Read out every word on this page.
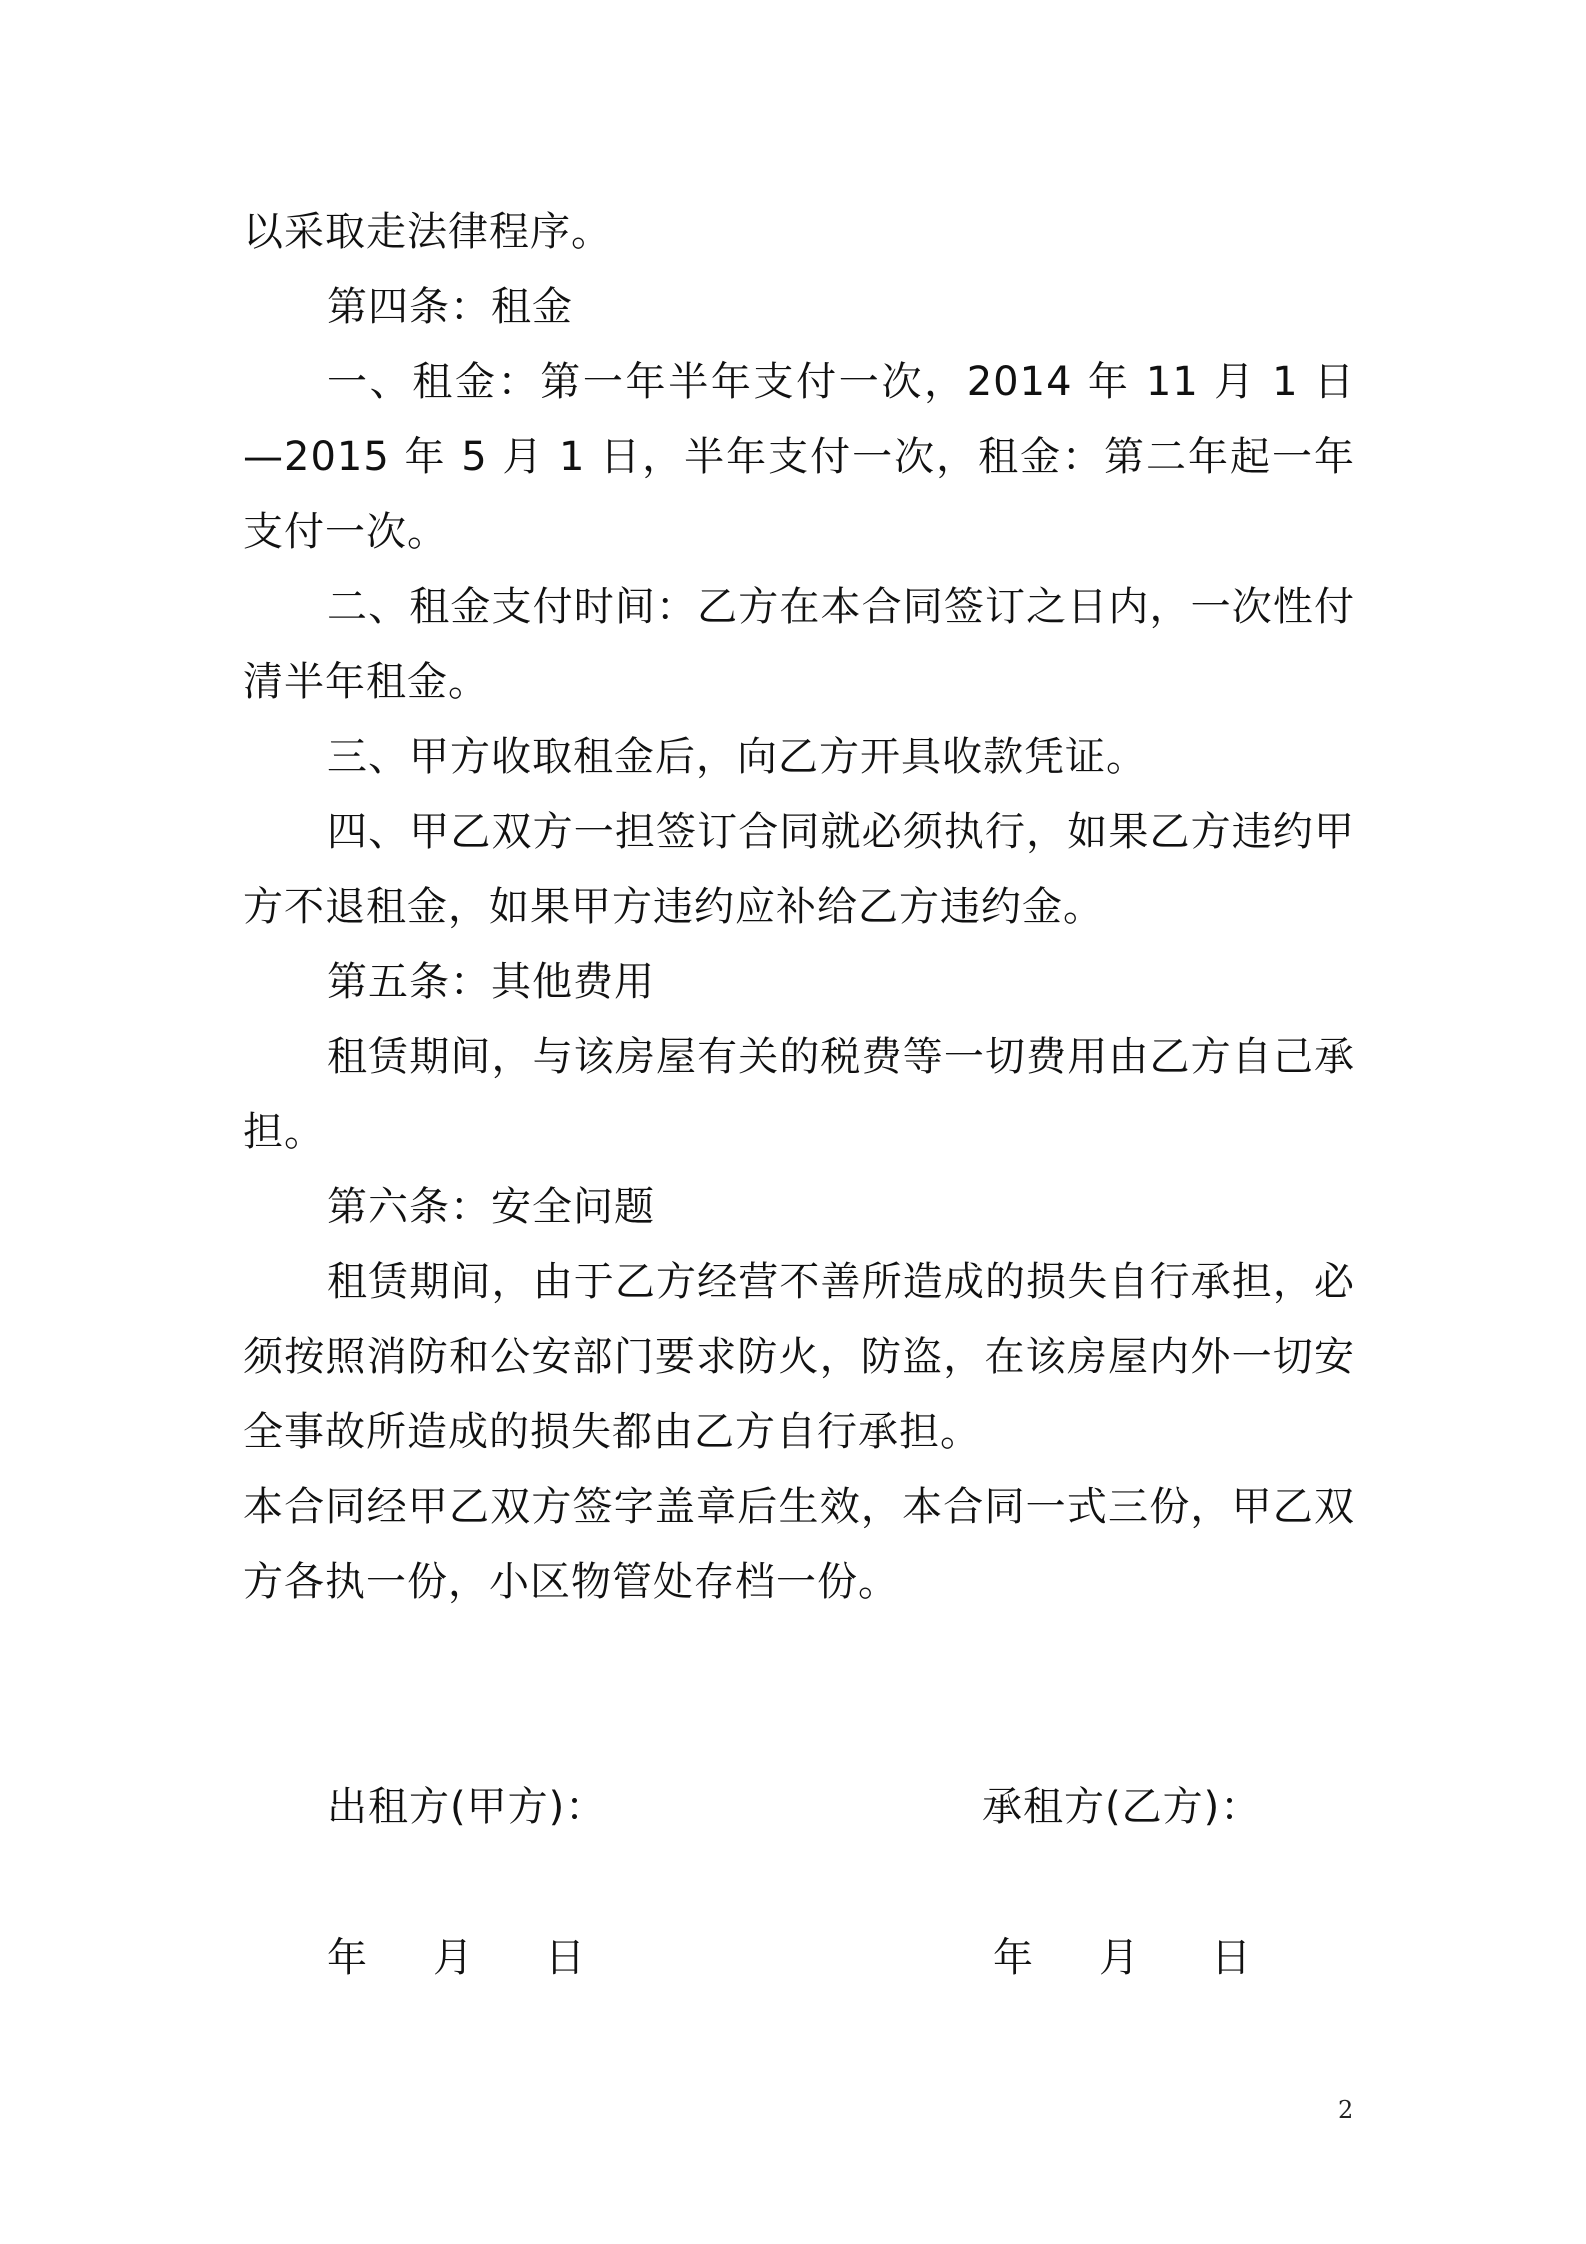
以采取走法律程序。

第四条：租金

一、租金：第一年半年支付一次，2014 年 11 月 1 日—2015 年 5 月 1 日，半年支付一次，租金：第二年起一年支付一次。

二、租金支付时间：乙方在本合同签订之日内，一次性付清半年租金。

三、甲方收取租金后，向乙方开具收款凭证。

四、甲乙双方一担签订合同就必须执行，如果乙方违约甲方不退租金，如果甲方违约应补给乙方违约金。

第五条：其他费用

租赁期间，与该房屋有关的税费等一切费用由乙方自己承担。

第六条：安全问题

租赁期间，由于乙方经营不善所造成的损失自行承担，必须按照消防和公安部门要求防火，防盗，在该房屋内外一切安全事故所造成的损失都由乙方自行承担。

本合同经甲乙双方签字盖章后生效，本合同一式三份，甲乙双方各执一份，小区物管处存档一份。

出租方(甲方)：	承租方(乙方)：
年 月 日	年 月 日
2
